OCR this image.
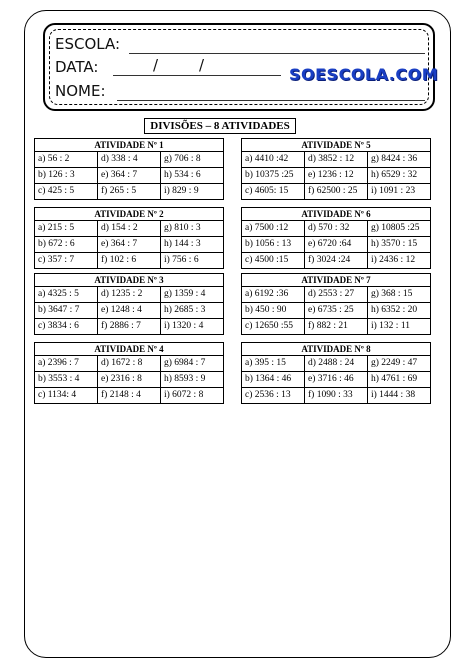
ESCOLA:
DATA:	/	/	SOESCOLA.COM
NOME:
DIVISÕES – 8 ATIVIDADES
ATIVIDADE Nº 1
a) 56 : 2	d) 338 : 4	g) 706 : 8
b) 126 : 3	e) 364 : 7	h) 534 : 6
c) 425 : 5	f) 265 : 5	i) 829 : 9
ATIVIDADE Nº 5
a) 4410 :42	d) 3852 : 12	g) 8424 : 36
b) 10375 :25	e) 1236 : 12	h) 6529 : 32
c) 4605: 15	f) 62500 : 25	i) 1091 : 23
ATIVIDADE Nº 2
a) 215 : 5	d) 154 : 2	g) 810 : 3
b) 672 : 6	e) 364 : 7	h) 144 : 3
c) 357 : 7	f) 102 : 6	i) 756 : 6
ATIVIDADE Nº 6
a) 7500 :12	d) 570 : 32	g) 10805 :25
b) 1056 : 13	e) 6720 :64	h) 3570 : 15
c) 4500 :15	f) 3024 :24	i) 2436 : 12
ATIVIDADE Nº 3
a) 4325 : 5	d) 1235 : 2	g) 1359 : 4
b) 3647 : 7	e) 1248 : 4	h) 2685 : 3
c) 3834 : 6	f) 2886 : 7	i) 1320 : 4
ATIVIDADE Nº 7
a) 6192 :36	d) 2553 : 27	g) 368 : 15
b) 450 : 90	e) 6735 : 25	h) 6352 : 20
c) 12650 :55	f) 882 : 21	i) 132 : 11
ATIVIDADE Nº 4
a) 2396 : 7	d) 1672 : 8	g) 6984 : 7
b) 3553 : 4	e) 2316 : 8	h) 8593 : 9
c) 1134: 4	f) 2148 : 4	i) 6072 : 8
ATIVIDADE Nº 8
a) 395 : 15	d) 2488 : 24	g) 2249 : 47
b) 1364 : 46	e) 3716 : 46	h) 4761 : 69
c) 2536 : 13	f) 1090 : 33	i) 1444 : 38
